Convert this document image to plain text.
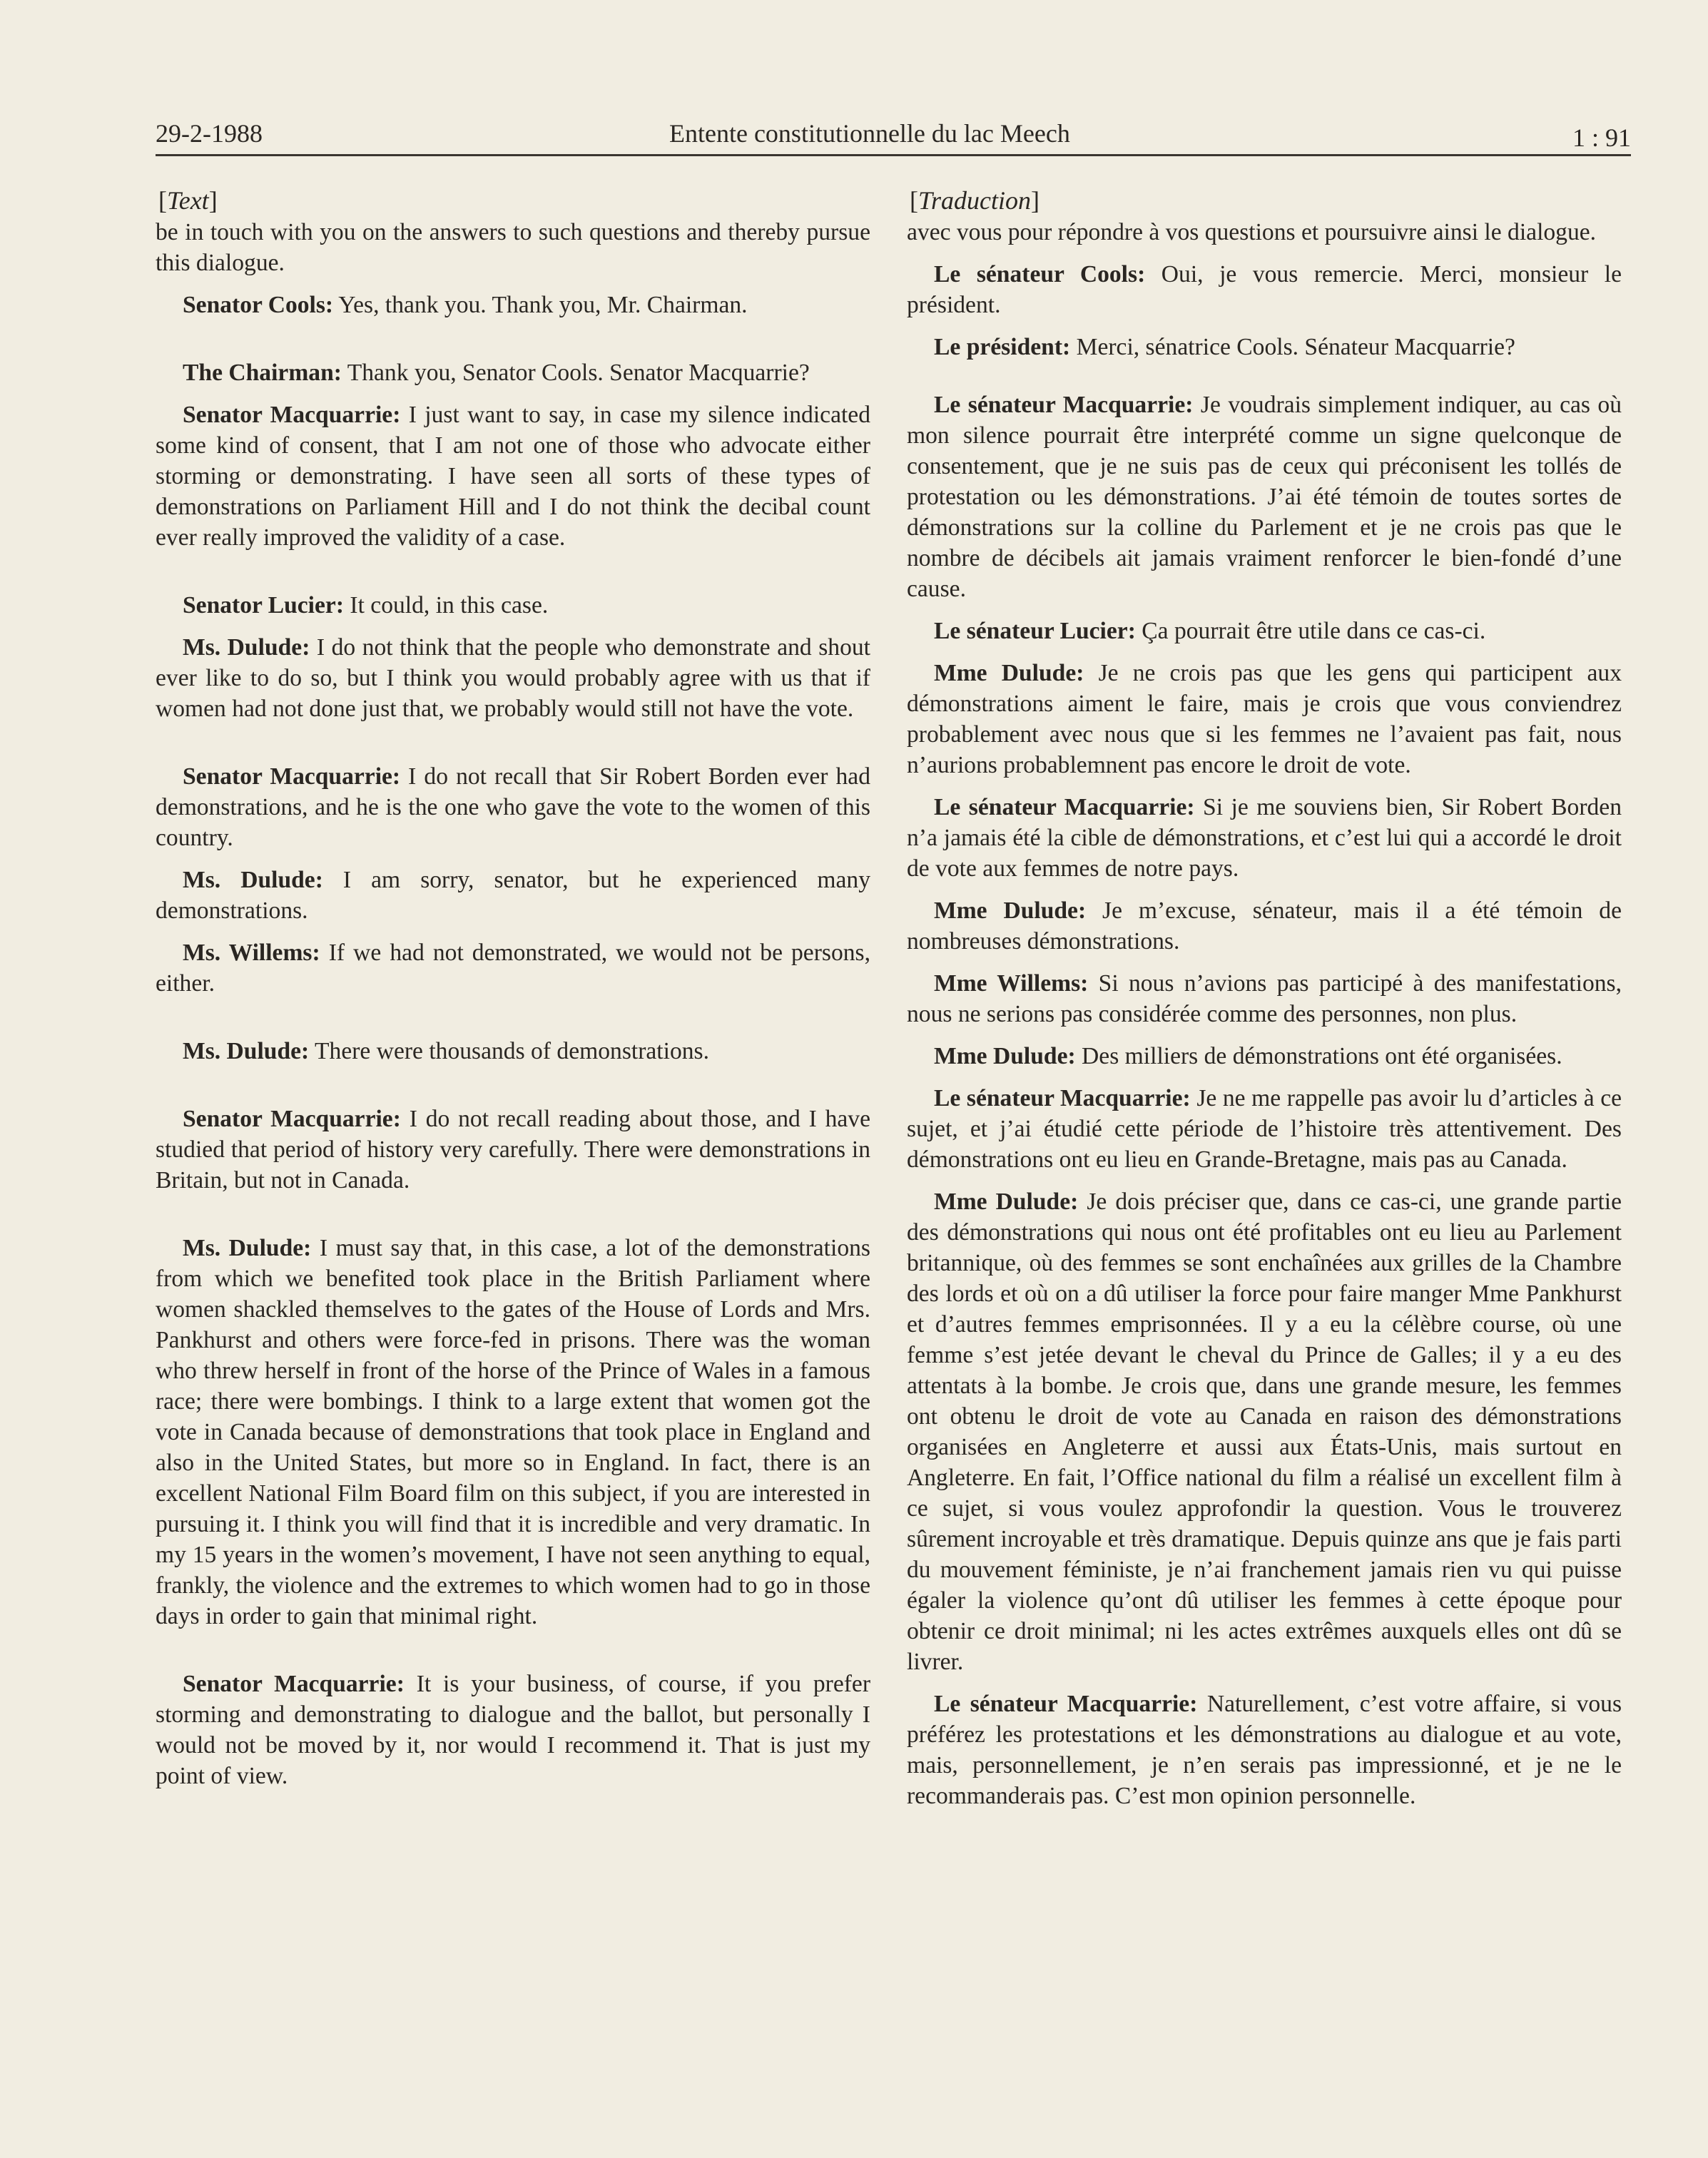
29-2-1988	Entente constitutionnelle du lac Meech	1 : 91
[Text]
be in touch with you on the answers to such questions and thereby pursue this dialogue.
Senator Cools: Yes, thank you. Thank you, Mr. Chairman.
The Chairman: Thank you, Senator Cools. Senator Macquarrie?
Senator Macquarrie: I just want to say, in case my silence indicated some kind of consent, that I am not one of those who advocate either storming or demonstrating. I have seen all sorts of these types of demonstrations on Parliament Hill and I do not think the decibal count ever really improved the validity of a case.
Senator Lucier: It could, in this case.
Ms. Dulude: I do not think that the people who demonstrate and shout ever like to do so, but I think you would probably agree with us that if women had not done just that, we probably would still not have the vote.
Senator Macquarrie: I do not recall that Sir Robert Borden ever had demonstrations, and he is the one who gave the vote to the women of this country.
Ms. Dulude: I am sorry, senator, but he experienced many demonstrations.
Ms. Willems: If we had not demonstrated, we would not be persons, either.
Ms. Dulude: There were thousands of demonstrations.
Senator Macquarrie: I do not recall reading about those, and I have studied that period of history very carefully. There were demonstrations in Britain, but not in Canada.
Ms. Dulude: I must say that, in this case, a lot of the demonstrations from which we benefited took place in the British Parliament where women shackled themselves to the gates of the House of Lords and Mrs. Pankhurst and others were force-fed in prisons. There was the woman who threw herself in front of the horse of the Prince of Wales in a famous race; there were bombings. I think to a large extent that women got the vote in Canada because of demonstrations that took place in England and also in the United States, but more so in England. In fact, there is an excellent National Film Board film on this subject, if you are interested in pursuing it. I think you will find that it is incredible and very dramatic. In my 15 years in the women’s movement, I have not seen anything to equal, frankly, the violence and the extremes to which women had to go in those days in order to gain that minimal right.
Senator Macquarrie: It is your business, of course, if you prefer storming and demonstrating to dialogue and the ballot, but personally I would not be moved by it, nor would I recommend it. That is just my point of view.
[Traduction]
avec vous pour répondre à vos questions et poursuivre ainsi le dialogue.
Le sénateur Cools: Oui, je vous remercie. Merci, monsieur le président.
Le président: Merci, sénatrice Cools. Sénateur Macquarrie?
Le sénateur Macquarrie: Je voudrais simplement indiquer, au cas où mon silence pourrait être interprété comme un signe quelconque de consentement, que je ne suis pas de ceux qui préconisent les tollés de protestation ou les démonstrations. J’ai été témoin de toutes sortes de démonstrations sur la colline du Parlement et je ne crois pas que le nombre de décibels ait jamais vraiment renforcer le bien-fondé d’une cause.
Le sénateur Lucier: Ça pourrait être utile dans ce cas-ci.
Mme Dulude: Je ne crois pas que les gens qui participent aux démonstrations aiment le faire, mais je crois que vous conviendrez probablement avec nous que si les femmes ne l’avaient pas fait, nous n’aurions probablemnent pas encore le droit de vote.
Le sénateur Macquarrie: Si je me souviens bien, Sir Robert Borden n’a jamais été la cible de démonstrations, et c’est lui qui a accordé le droit de vote aux femmes de notre pays.
Mme Dulude: Je m’excuse, sénateur, mais il a été témoin de nombreuses démonstrations.
Mme Willems: Si nous n’avions pas participé à des manifestations, nous ne serions pas considérée comme des personnes, non plus.
Mme Dulude: Des milliers de démonstrations ont été organisées.
Le sénateur Macquarrie: Je ne me rappelle pas avoir lu d’articles à ce sujet, et j’ai étudié cette période de l’histoire très attentivement. Des démonstrations ont eu lieu en Grande-Bretagne, mais pas au Canada.
Mme Dulude: Je dois préciser que, dans ce cas-ci, une grande partie des démonstrations qui nous ont été profitables ont eu lieu au Parlement britannique, où des femmes se sont enchaînées aux grilles de la Chambre des lords et où on a dû utiliser la force pour faire manger Mme Pankhurst et d’autres femmes emprisonnées. Il y a eu la célèbre course, où une femme s’est jetée devant le cheval du Prince de Galles; il y a eu des attentats à la bombe. Je crois que, dans une grande mesure, les femmes ont obtenu le droit de vote au Canada en raison des démonstrations organisées en Angleterre et aussi aux États-Unis, mais surtout en Angleterre. En fait, l’Office national du film a réalisé un excellent film à ce sujet, si vous voulez approfondir la question. Vous le trouverez sûrement incroyable et très dramatique. Depuis quinze ans que je fais parti du mouvement féministe, je n’ai franchement jamais rien vu qui puisse égaler la violence qu’ont dû utiliser les femmes à cette époque pour obtenir ce droit minimal; ni les actes extrêmes auxquels elles ont dû se livrer.
Le sénateur Macquarrie: Naturellement, c’est votre affaire, si vous préférez les protestations et les démonstrations au dialogue et au vote, mais, personnellement, je n’en serais pas impressionné, et je ne le recommanderais pas. C’est mon opinion personnelle.
